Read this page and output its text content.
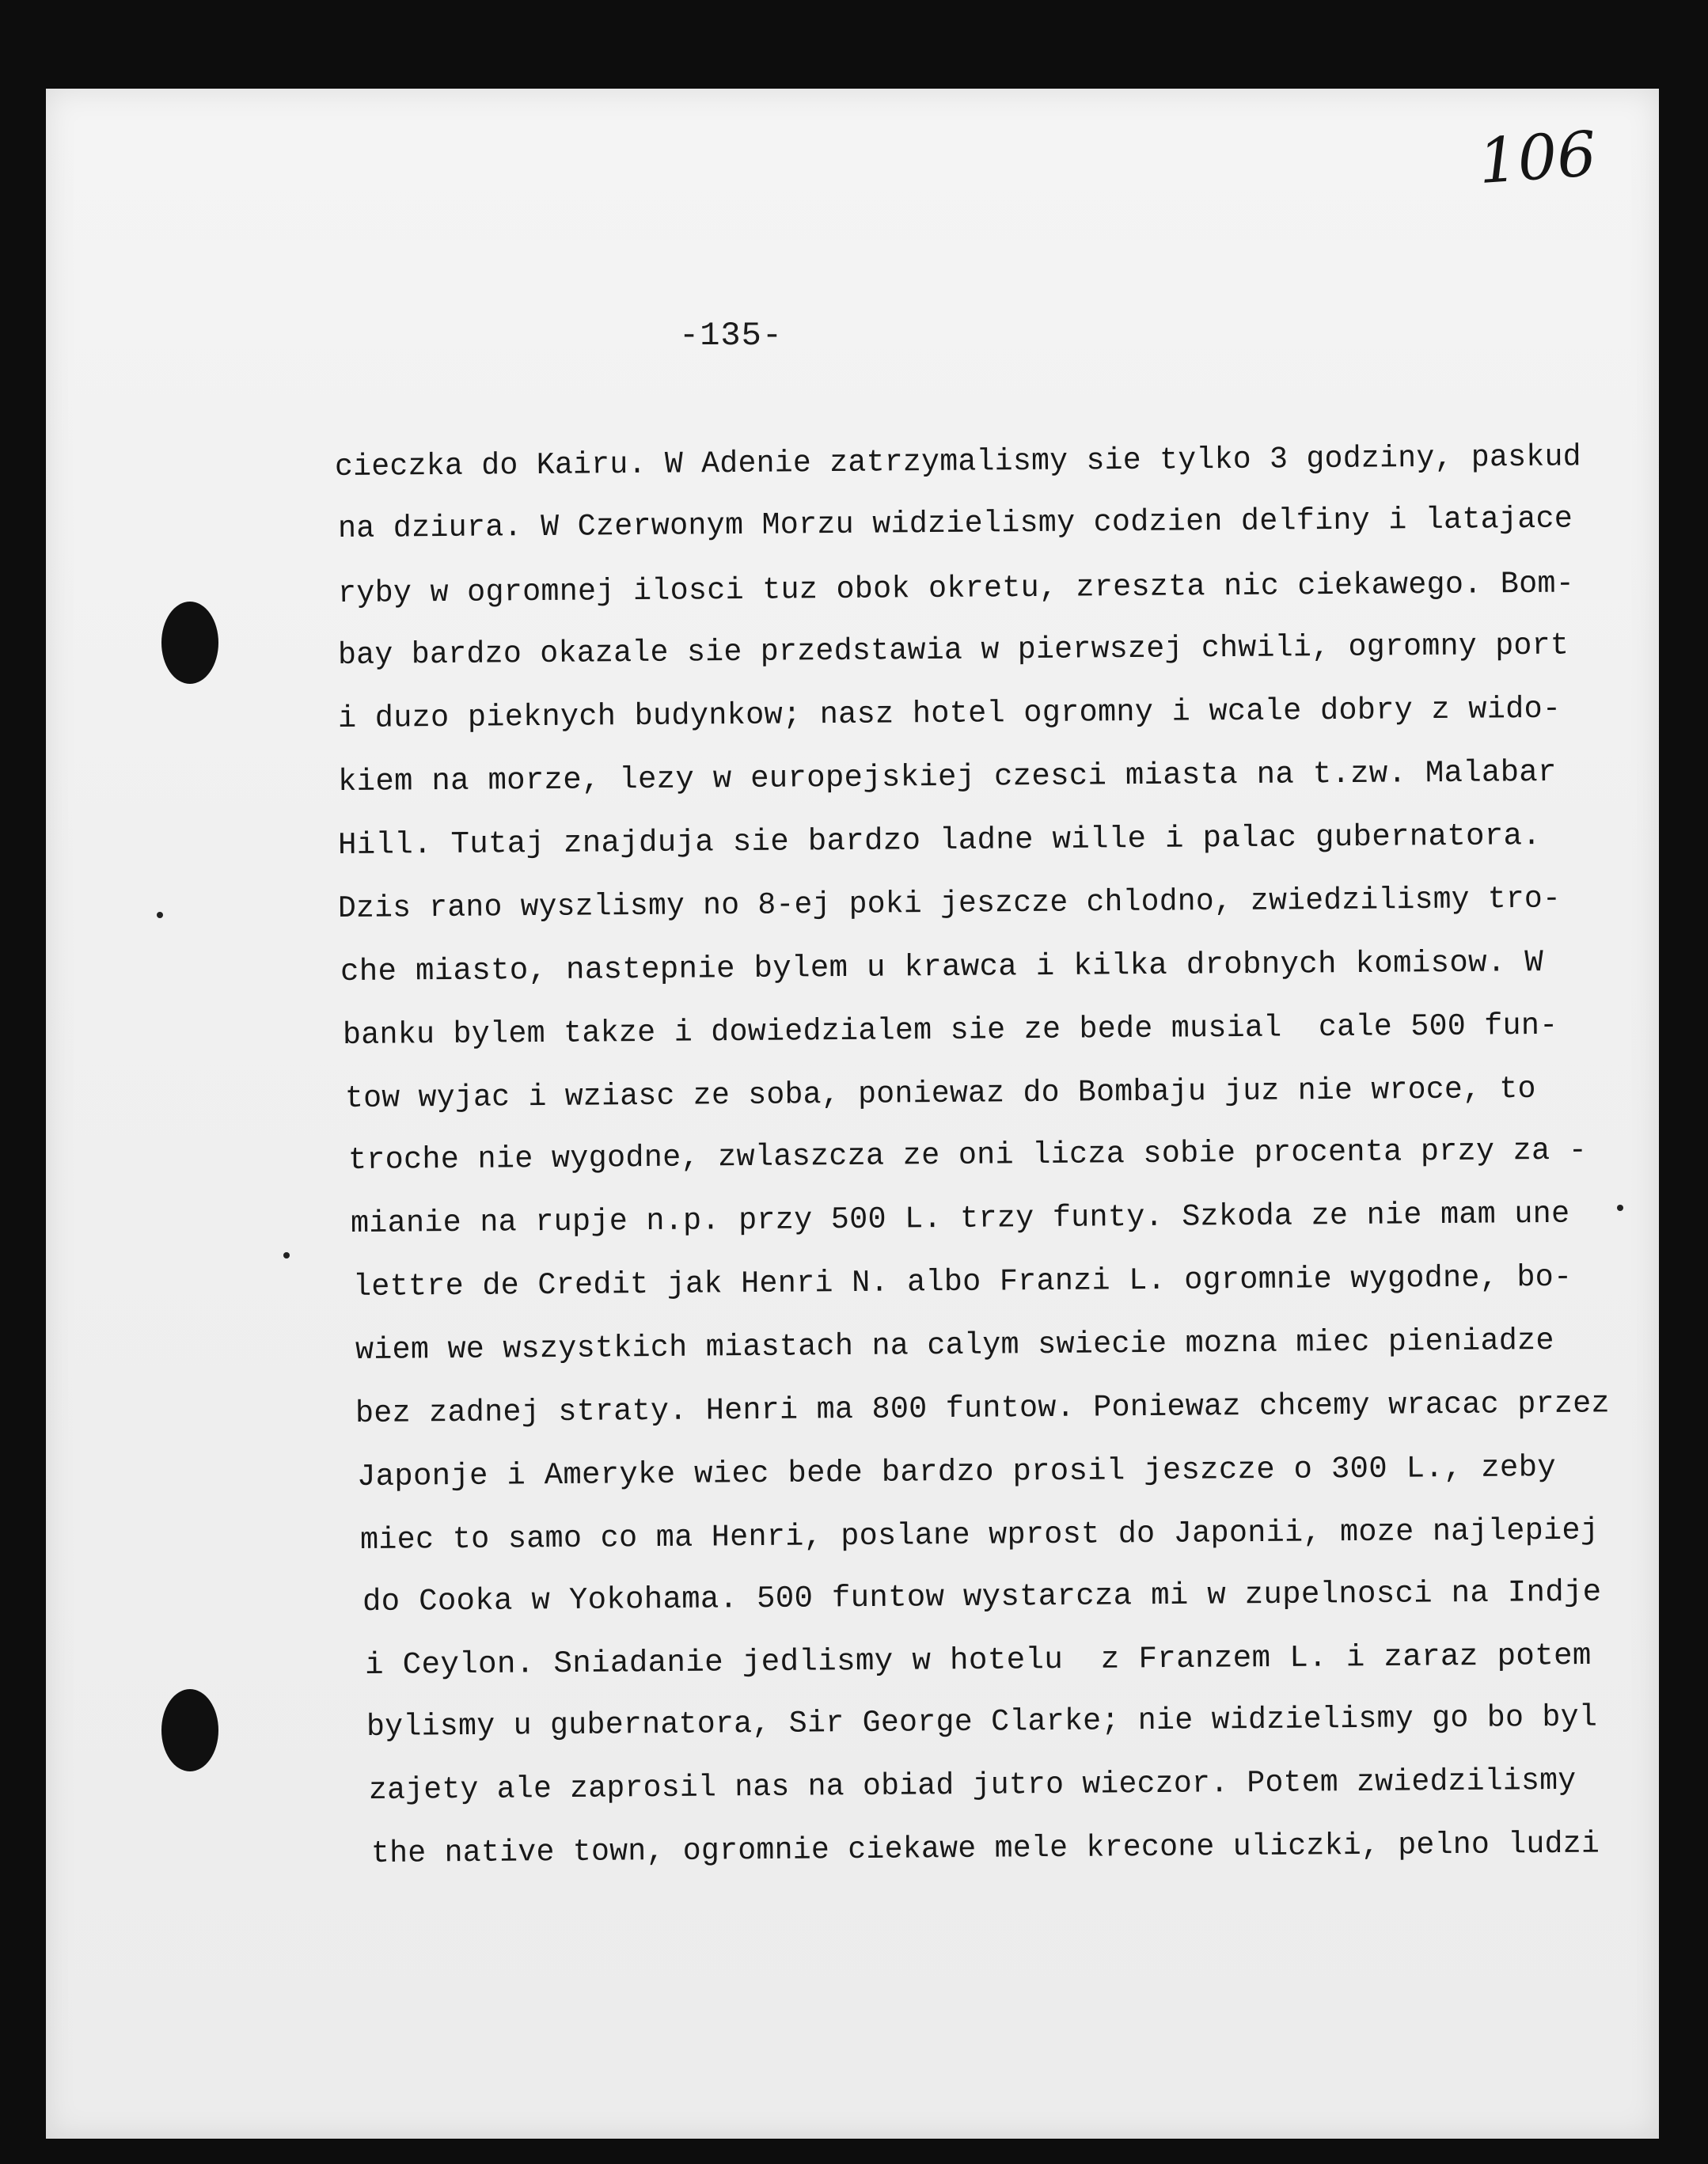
106
-135-
cieczka do Kairu. W Adenie zatrzymalismy sie tylko 3 godziny, paskud
na dziura. W Czerwonym Morzu widzielismy codzien delfiny i latajace
ryby w ogromnej ilosci tuz obok okretu, zreszta nic ciekawego. Bom-
bay bardzo okazale sie przedstawia w pierwszej chwili, ogromny port
i duzo pieknych budynkow; nasz hotel ogromny i wcale dobry z wido-
kiem na morze, lezy w europejskiej czesci miasta na t.zw. Malabar
Hill. Tutaj znajduja sie bardzo ladne wille i palac gubernatora.
Dzis rano wyszlismy no 8-ej poki jeszcze chlodno, zwiedzilismy tro-
che miasto, nastepnie bylem u krawca i kilka drobnych komisow. W
banku bylem takze i dowiedzialem sie ze bede musial  cale 500 fun-
tow wyjac i wziasc ze soba, poniewaz do Bombaju juz nie wroce, to
troche nie wygodne, zwlaszcza ze oni licza sobie procenta przy za -
mianie na rupje n.p. przy 500 L. trzy funty. Szkoda ze nie mam une
lettre de Credit jak Henri N. albo Franzi L. ogromnie wygodne, bo-
wiem we wszystkich miastach na calym swiecie mozna miec pieniadze
bez zadnej straty. Henri ma 800 funtow. Poniewaz chcemy wracac przez
Japonje i Ameryke wiec bede bardzo prosil jeszcze o 300 L., zeby
miec to samo co ma Henri, poslane wprost do Japonii, moze najlepiej
do Cooka w Yokohama. 500 funtow wystarcza mi w zupelnosci na Indje
i Ceylon. Sniadanie jedlismy w hotelu  z Franzem L. i zaraz potem
bylismy u gubernatora, Sir George Clarke; nie widzielismy go bo byl
zajety ale zaprosil nas na obiad jutro wieczor. Potem zwiedzilismy
the native town, ogromnie ciekawe mele krecone uliczki, pelno ludzi
